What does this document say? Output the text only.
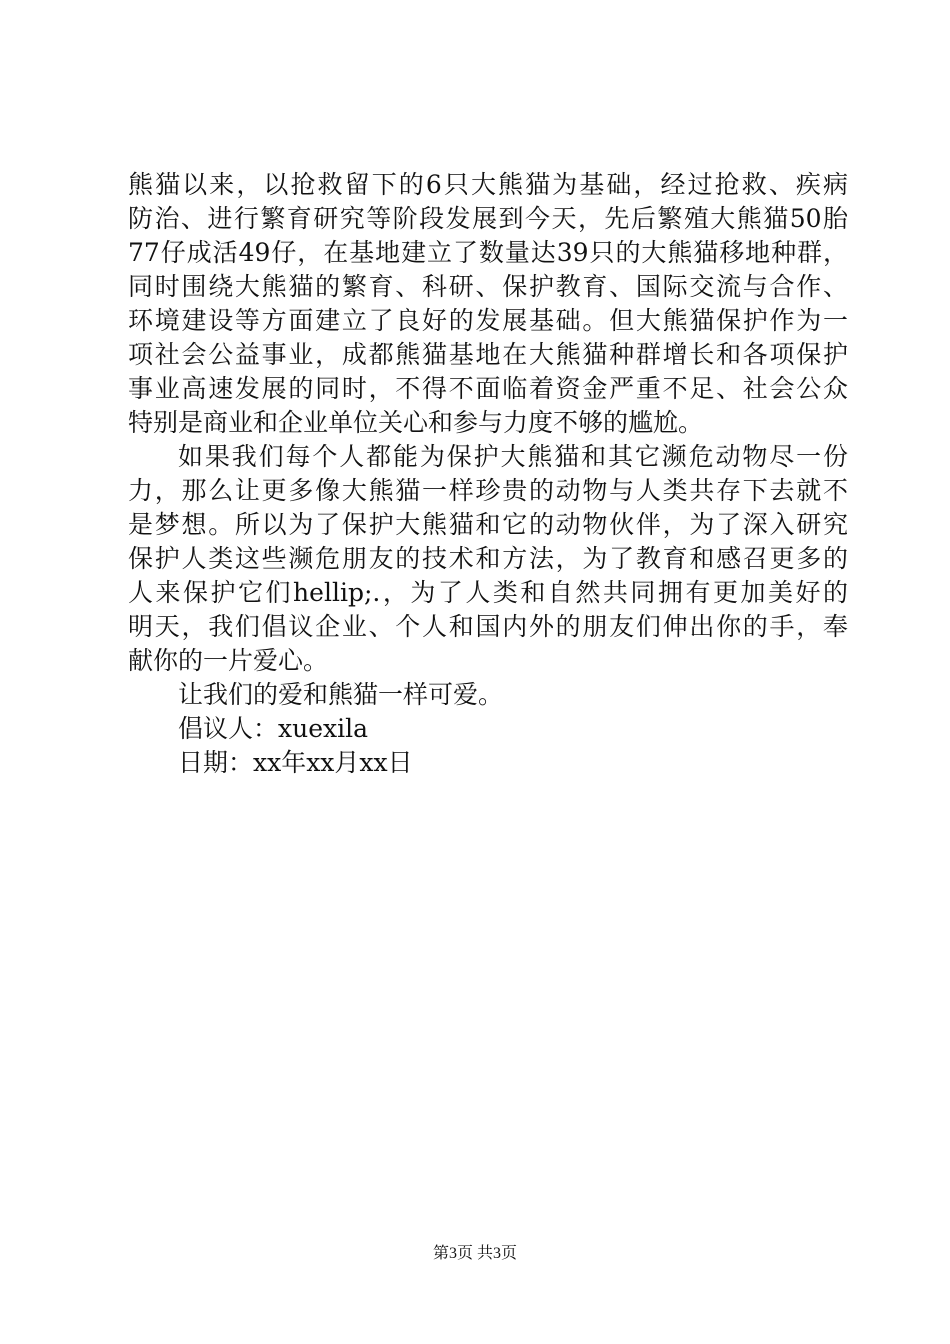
熊猫以来，以抢救留下的6只大熊猫为基础，经过抢救、疾病
防治、进行繁育研究等阶段发展到今天，先后繁殖大熊猫50胎
77仔成活49仔，在基地建立了数量达39只的大熊猫移地种群，
同时围绕大熊猫的繁育、科研、保护教育、国际交流与合作、
环境建设等方面建立了良好的发展基础。但大熊猫保护作为一
项社会公益事业，成都熊猫基地在大熊猫种群增长和各项保护
事业高速发展的同时，不得不面临着资金严重不足、社会公众
特别是商业和企业单位关心和参与力度不够的尴尬。
如果我们每个人都能为保护大熊猫和其它濒危动物尽一份
力，那么让更多像大熊猫一样珍贵的动物与人类共存下去就不
是梦想。所以为了保护大熊猫和它的动物伙伴，为了深入研究
保护人类这些濒危朋友的技术和方法，为了教育和感召更多的
人来保护它们hellip;.，为了人类和自然共同拥有更加美好的
明天，我们倡议企业、个人和国内外的朋友们伸出你的手，奉
献你的一片爱心。
让我们的爱和熊猫一样可爱。
倡议人：xuexila
日期：xx年xx月xx日
第3页 共3页
